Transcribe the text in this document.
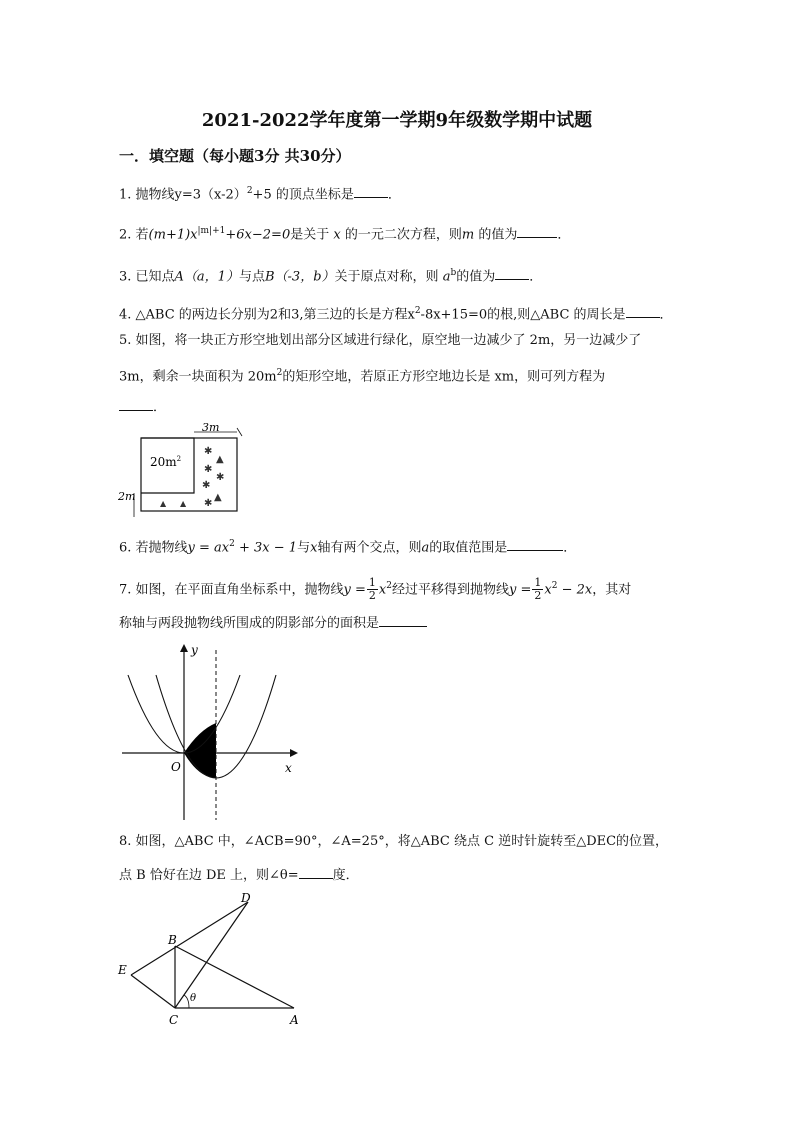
2021-2022学年度第一学期9年级数学期中试题
一．填空题（每小题3分 共30分）
1. 抛物线$y=3(x-2)^2+5$ 的顶点坐标是	．
2. 若$(m+1)x^{|m|+1}+6x-2=0$是关于 x 的一元二次方程，则m 的值为	．
3. 已知点A（a，1）与点B（-3，b）关于原点对称，则 $a^b$的值为	．
4. △ABC 的两边长分别为2和3,第三边的长是方程$x^2-8x+15=0$的根,则△ABC 的周长是	．
5. 如图，将一块正方形空地划出部分区域进行绿化，原空地一边减少了 2m，另一边减少了
3m，剩余一块面积为 $20m^2$的矩形空地，若原正方形空地边长是 xm，则可列方程为
．
3m
$20m^2$
2m
✱
▲
✱
✱
✱
▲
✱
▲ ▲
6. 若抛物线$y = ax^2 + 3x - 1$与x轴有两个交点，则a的取值范围是	．
7. 如图，在平面直角坐标系中，抛物线$y = \frac{1}{2} x^2$经过平移得到抛物线$y = \frac{1}{2} x^2 - 2x$，其对
称轴与两段抛物线所围成的阴影部分的面积是
y
x
O
8. 如图，△ABC 中，∠ACB=90°，∠A=25°，将△ABC 绕点 C 逆时针旋转至△DEC的位置，
点 B 恰好在边 DE 上，则∠θ=	度．
D
B
E
θ
C	A
